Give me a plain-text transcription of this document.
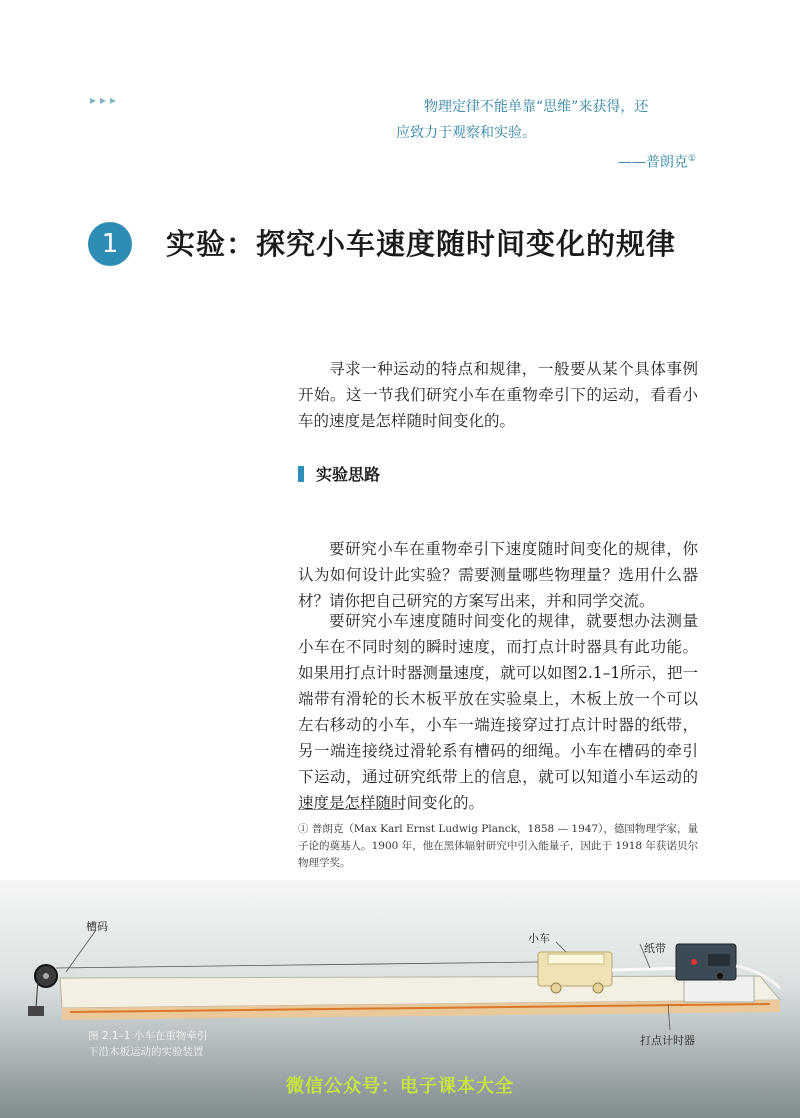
▸▸▸	物理定律不能单靠“思维”来获得，还
应致力于观察和实验。
——普朗克①
1	实验：探究小车速度随时间变化的规律
寻求一种运动的特点和规律，一般要从某个具体事例开始。这一节我们研究小车在重物牵引下的运动，看看小车的速度是怎样随时间变化的。
实验思路
要研究小车在重物牵引下速度随时间变化的规律，你认为如何设计此实验？需要测量哪些物理量？选用什么器材？请你把自己研究的方案写出来，并和同学交流。
要研究小车速度随时间变化的规律，就要想办法测量小车在不同时刻的瞬时速度，而打点计时器具有此功能。如果用打点计时器测量速度，就可以如图2.1–1所示，把一端带有滑轮的长木板平放在实验桌上，木板上放一个可以左右移动的小车，小车一端连接穿过打点计时器的纸带，另一端连接绕过滑轮系有槽码的细绳。小车在槽码的牵引下运动，通过研究纸带上的信息，就可以知道小车运动的速度是怎样随时间变化的。
① 普朗克（Max Karl Ernst Ludwig Planck，1858 — 1947），德国物理学家，量子论的奠基人。1900 年，他在黑体辐射研究中引入能量子，因此于 1918 年获诺贝尔物理学奖。
槽码
小车
纸带
打点计时器
图 2.1–1 小车在重物牵引
下沿木板运动的实验装置
微信公众号：电子课本大全
